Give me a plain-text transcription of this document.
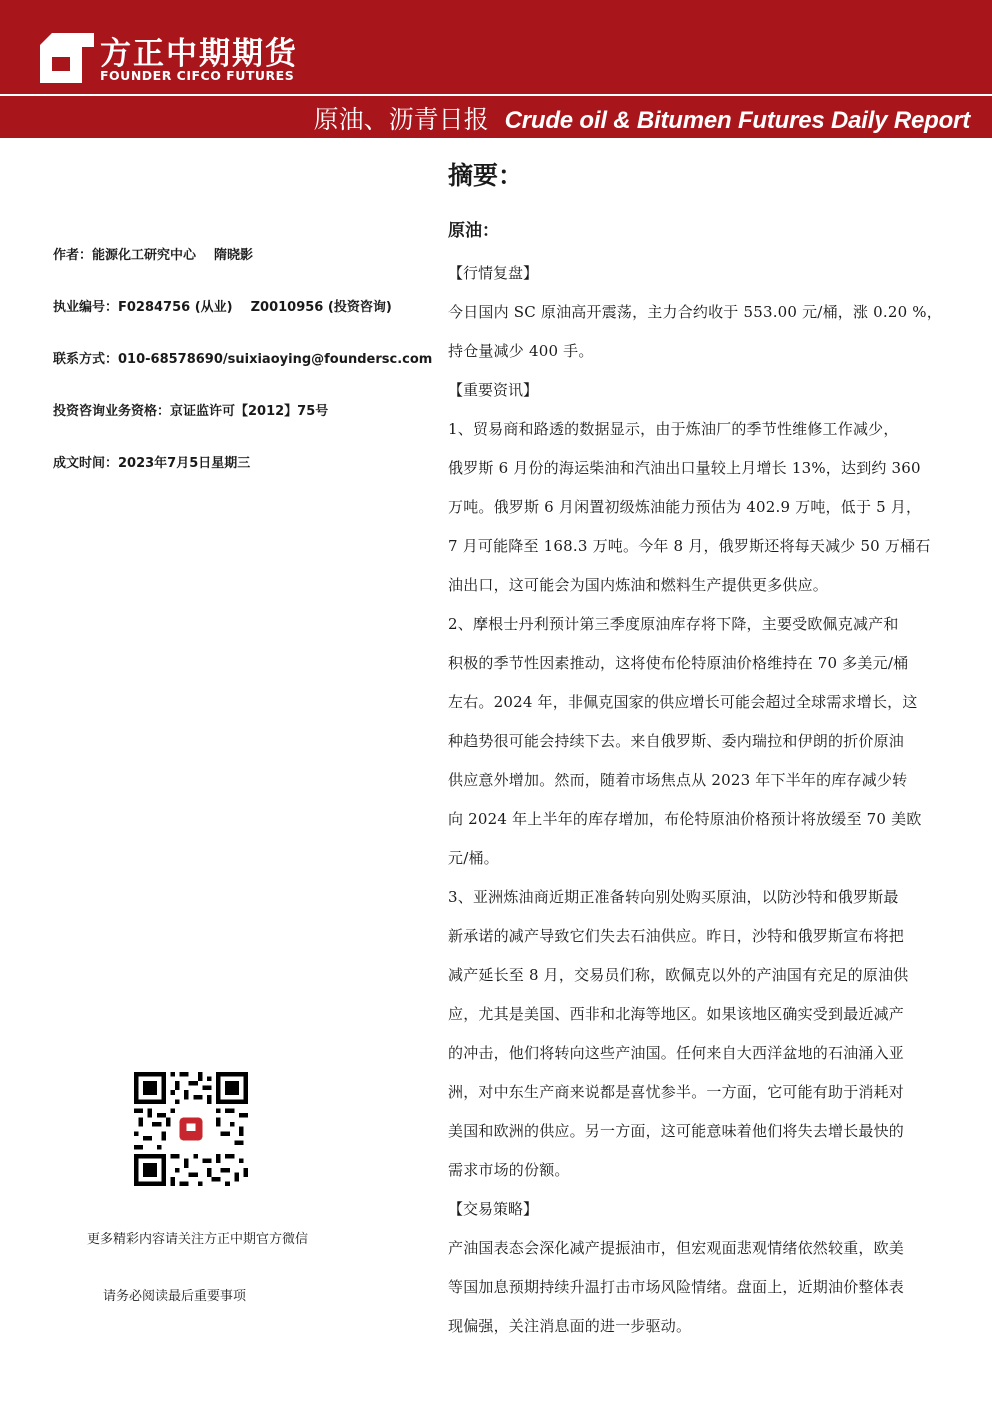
方正中期期货
FOUNDER CIFCO FUTURES
原油、沥青日报 Crude oil & Bitumen Futures Daily Report
作者：能源化工研究中心 隋晓影
执业编号：F0284756 (从业) Z0010956 (投资咨询)
联系方式：010-68578690/suixiaoying@foundersc.com
投资咨询业务资格：京证监许可【2012】75号
成文时间：2023年7月5日星期三
更多精彩内容请关注方正中期官方微信
请务必阅读最后重要事项
摘要：
原油：

【行情复盘】

今日国内 SC 原油高开震荡，主力合约收于 553.00 元/桶，涨 0.20 %，
持仓量减少 400 手。

【重要资讯】

1、贸易商和路透的数据显示，由于炼油厂的季节性维修工作减少，
俄罗斯 6 月份的海运柴油和汽油出口量较上月增长 13%，达到约 360
万吨。俄罗斯 6 月闲置初级炼油能力预估为 402.9 万吨，低于 5 月，
7 月可能降至 168.3 万吨。今年 8 月，俄罗斯还将每天减少 50 万桶石
油出口，这可能会为国内炼油和燃料生产提供更多供应。
2、摩根士丹利预计第三季度原油库存将下降，主要受欧佩克减产和
积极的季节性因素推动，这将使布伦特原油价格维持在 70 多美元/桶
左右。2024 年，非佩克国家的供应增长可能会超过全球需求增长，这
种趋势很可能会持续下去。来自俄罗斯、委内瑞拉和伊朗的折价原油
供应意外增加。然而，随着市场焦点从 2023 年下半年的库存减少转
向 2024 年上半年的库存增加，布伦特原油价格预计将放缓至 70 美欧
元/桶。
3、亚洲炼油商近期正准备转向别处购买原油，以防沙特和俄罗斯最
新承诺的减产导致它们失去石油供应。昨日，沙特和俄罗斯宣布将把
减产延长至 8 月，交易员们称，欧佩克以外的产油国有充足的原油供
应，尤其是美国、西非和北海等地区。如果该地区确实受到最近减产
的冲击，他们将转向这些产油国。任何来自大西洋盆地的石油涌入亚
洲，对中东生产商来说都是喜忧参半。一方面，它可能有助于消耗对
美国和欧洲的供应。另一方面，这可能意味着他们将失去增长最快的
需求市场的份额。

【交易策略】

产油国表态会深化减产提振油市，但宏观面悲观情绪依然较重，欧美
等国加息预期持续升温打击市场风险情绪。盘面上，近期油价整体表
现偏强，关注消息面的进一步驱动。
